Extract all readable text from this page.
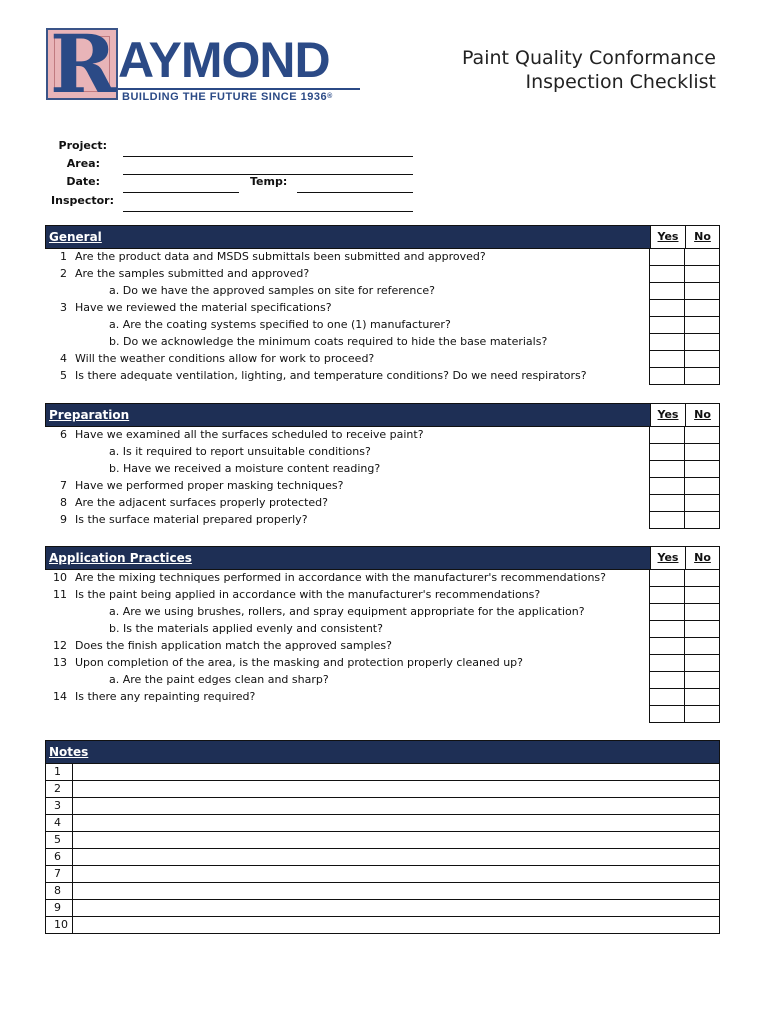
R AYMOND
BUILDING THE FUTURE SINCE 1936®
Paint Quality Conformance
Inspection Checklist
Project:
Area:
Date:	Temp:
Inspector:
General	Yes	No
1 Are the product data and MSDS submittals been submitted and approved?
2 Are the samples submitted and approved?
a. Do we have the approved samples on site for reference?
3 Have we reviewed the material specifications?
a. Are the coating systems specified to one (1) manufacturer?
b. Do we acknowledge the minimum coats required to hide the base materials?
4 Will the weather conditions allow for work to proceed?
5 Is there adequate ventilation, lighting, and temperature conditions? Do we need respirators?
Preparation	Yes	No
6 Have we examined all the surfaces scheduled to receive paint?
a. Is it required to report unsuitable conditions?
b. Have we received a moisture content reading?
7 Have we performed proper masking techniques?
8 Are the adjacent surfaces properly protected?
9 Is the surface material prepared properly?
Application Practices	Yes	No
10 Are the mixing techniques performed in accordance with the manufacturer's recommendations?
11 Is the paint being applied in accordance with the manufacturer's recommendations?
a. Are we using brushes, rollers, and spray equipment appropriate for the application?
b. Is the materials applied evenly and consistent?
12 Does the finish application match the approved samples?
13 Upon completion of the area, is the masking and protection properly cleaned up?
a. Are the paint edges clean and sharp?
14 Is there any repainting required?
Notes
1
2
3
4
5
6
7
8
9
10
